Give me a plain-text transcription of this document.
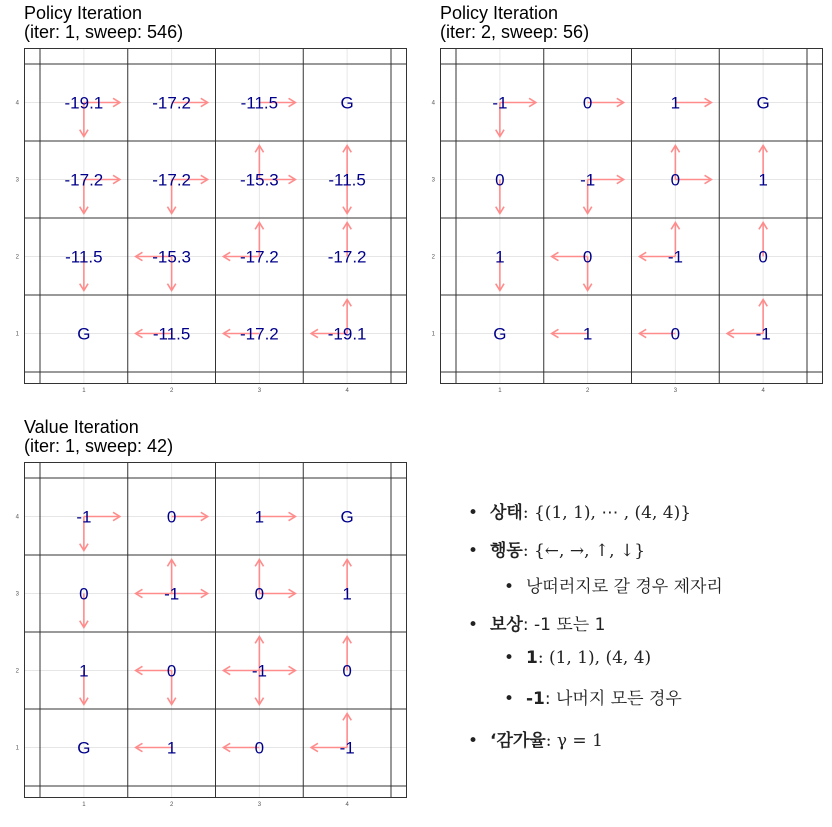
Policy Iteration
(iter: 1, sweep: 546)
1	2	3	4
4
3
2
1
-19.1	-17.2	-11.5	G
-17.2	-17.2	-15.3	-11.5
-11.5	-15.3	-17.2	-17.2
G	-11.5	-17.2	-19.1
Policy Iteration
(iter: 2, sweep: 56)
1	2	3	4
4
3
2
1
-1	0	1	G
0	-1	0	1
1	0	-1	0
G	1	0	-1
Value Iteration
(iter: 1, sweep: 42)
1	2	3	4
4
3
2
1
-1	0	1	G
0	-1	0	1
1	0	-1	0
G	1	0	-1
• 상태: {(1, 1), ⋯ , (4, 4)}
• 행동: {←, →, ↑, ↓}
• 낭떠러지로 갈 경우 제자리
• 보상: -1 또는 1
• 1: (1, 1), (4, 4)
• -1: 나머지 모든 경우
• ‘감가율: γ = 1
